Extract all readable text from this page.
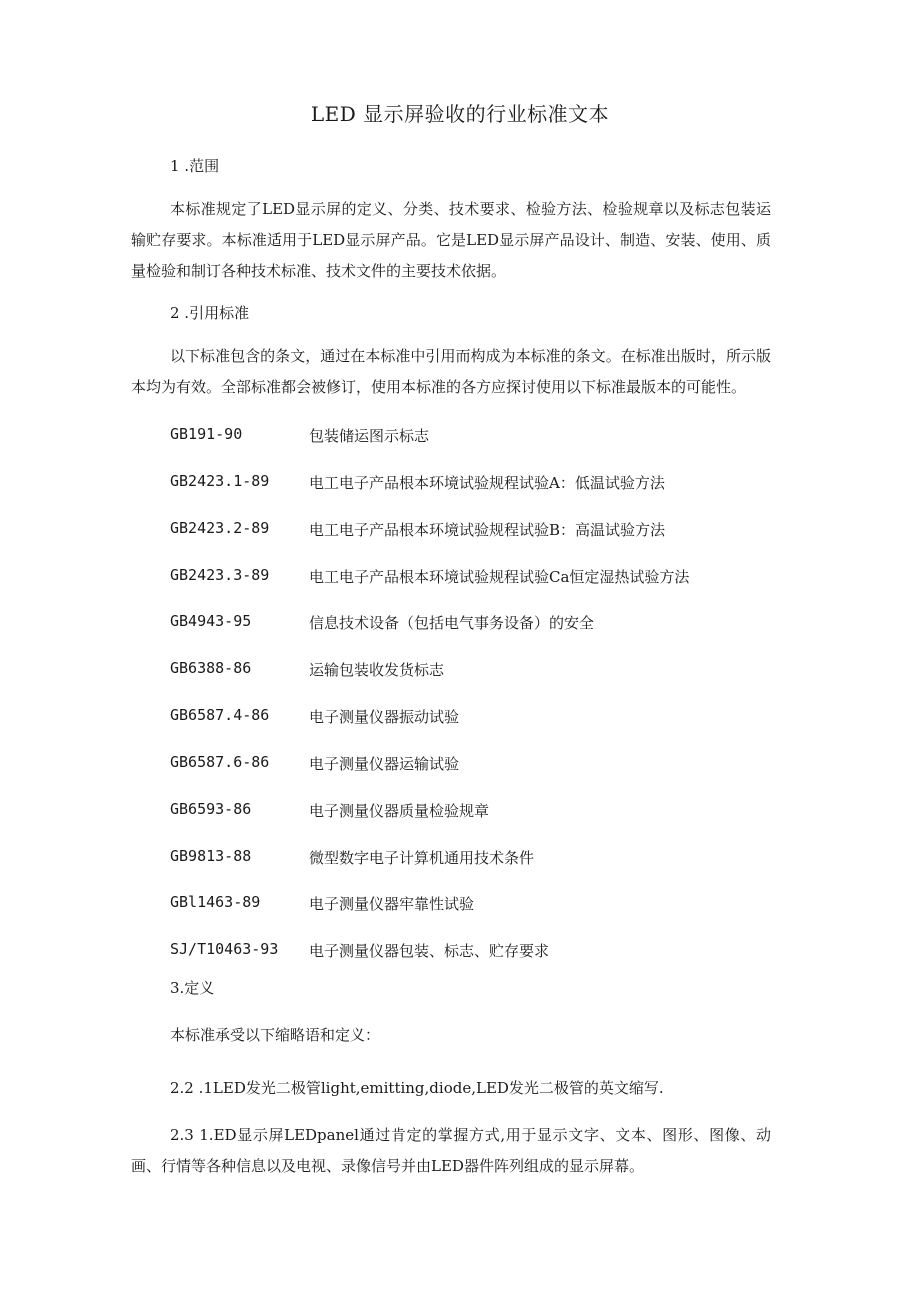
LED 显示屏验收的行业标准文本
1 .范围
本标准规定了LED显示屏的定义、分类、技术要求、检验方法、检验规章以及标志包装运输贮存要求。本标准适用于LED显示屏产品。它是LED显示屏产品设计、制造、安装、使用、质量检验和制订各种技术标准、技术文件的主要技术依据。
2 .引用标准
以下标准包含的条文，通过在本标准中引用而构成为本标准的条文。在标准出版时，所示版本均为有效。全部标准都会被修订，使用本标准的各方应探讨使用以下标准最版本的可能性。
GB191-90	包装储运图示标志
GB2423.1-89	电工电子产品根本环境试验规程试验A：低温试验方法
GB2423.2-89	电工电子产品根本环境试验规程试验B：高温试验方法
GB2423.3-89	电工电子产品根本环境试验规程试验Ca恒定湿热试验方法
GB4943-95	信息技术设备（包括电气事务设备）的安全
GB6388-86	运输包装收发货标志
GB6587.4-86	电子测量仪器振动试验
GB6587.6-86	电子测量仪器运输试验
GB6593-86	电子测量仪器质量检验规章
GB9813-88	微型数字电子计算机通用技术条件
GBl1463-89	电子测量仪器牢靠性试验
SJ/T10463-93 电子测量仪器包装、标志、贮存要求
3.定义
本标准承受以下缩略语和定义：
2.2 .1LED发光二极管light,emitting,diode,LED发光二极管的英文缩写.
2.3 1.ED显示屏LEDpanel通过肯定的掌握方式,用于显示文字、文本、图形、图像、动画、行情等各种信息以及电视、录像信号并由LED器件阵列组成的显示屏幕。
